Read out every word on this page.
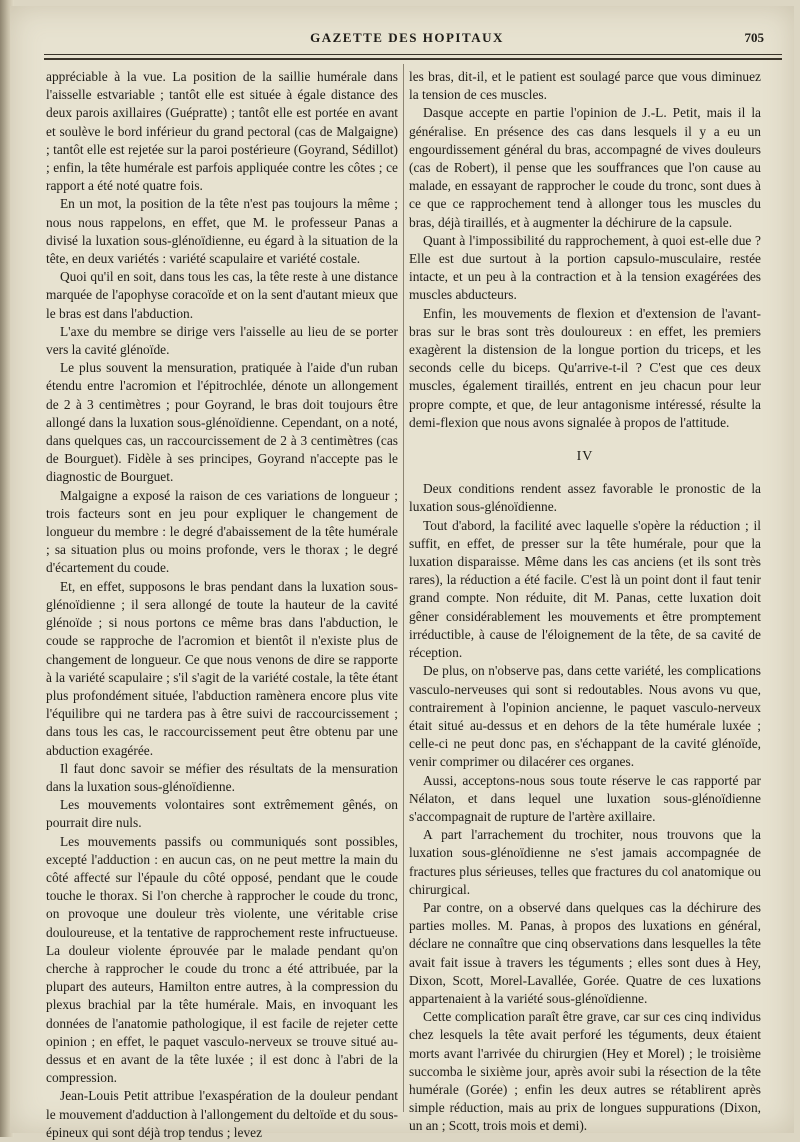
GAZETTE DES HOPITAUX	705

appréciable à la vue. La position de la saillie humérale dans l'aisselle estvariable ; tantôt elle est située à égale distance des deux parois axillaires (Guépratte) ; tantôt elle est portée en avant et soulève le bord inférieur du grand pectoral (cas de Malgaigne) ; tantôt elle est rejetée sur la paroi postérieure (Goyrand, Sédillot) ; enfin, la tête humérale est parfois appliquée contre les côtes ; ce rapport a été noté quatre fois.

En un mot, la position de la tête n'est pas toujours la même ; nous nous rappelons, en effet, que M. le professeur Panas a divisé la luxation sous-glénoïdienne, eu égard à la situation de la tête, en deux variétés : variété scapulaire et variété costale.

Quoi qu'il en soit, dans tous les cas, la tête reste à une distance marquée de l'apophyse coracoïde et on la sent d'autant mieux que le bras est dans l'abduction.

L'axe du membre se dirige vers l'aisselle au lieu de se porter vers la cavité glénoïde.

Le plus souvent la mensuration, pratiquée à l'aide d'un ruban étendu entre l'acromion et l'épitrochlée, dénote un allongement de 2 à 3 centimètres ; pour Goyrand, le bras doit toujours être allongé dans la luxation sous-glénoïdienne. Cependant, on a noté, dans quelques cas, un raccourcissement de 2 à 3 centimètres (cas de Bourguet). Fidèle à ses principes, Goyrand n'accepte pas le diagnostic de Bourguet.

Malgaigne a exposé la raison de ces variations de longueur ; trois facteurs sont en jeu pour expliquer le changement de longueur du membre : le degré d'abaissement de la tête humérale ; sa situation plus ou moins profonde, vers le thorax ; le degré d'écartement du coude.

Et, en effet, supposons le bras pendant dans la luxation sous-glénoïdienne ; il sera allongé de toute la hauteur de la cavité glénoïde ; si nous portons ce même bras dans l'abduction, le coude se rapproche de l'acromion et bientôt il n'existe plus de changement de longueur. Ce que nous venons de dire se rapporte à la variété scapulaire ; s'il s'agit de la variété costale, la tête étant plus profondément située, l'abduction ramènera encore plus vite l'équilibre qui ne tardera pas à être suivi de raccourcissement ; dans tous les cas, le raccourcissement peut être obtenu par une abduction exagérée.

Il faut donc savoir se méfier des résultats de la mensuration dans la luxation sous-glénoïdienne.

Les mouvements volontaires sont extrêmement gênés, on pourrait dire nuls.

Les mouvements passifs ou communiqués sont possibles, excepté l'adduction : en aucun cas, on ne peut mettre la main du côté affecté sur l'épaule du côté opposé, pendant que le coude touche le thorax. Si l'on cherche à rapprocher le coude du tronc, on provoque une douleur très violente, une véritable crise douloureuse, et la tentative de rapprochement reste infructueuse. La douleur violente éprouvée par le malade pendant qu'on cherche à rapprocher le coude du tronc a été attribuée, par la plupart des auteurs, Hamilton entre autres, à la compression du plexus brachial par la tête humérale. Mais, en invoquant les données de l'anatomie pathologique, il est facile de rejeter cette opinion ; en effet, le paquet vasculo-nerveux se trouve situé au-dessus et en avant de la tête luxée ; il est donc à l'abri de la compression.

Jean-Louis Petit attribue l'exaspération de la douleur pendant le mouvement d'adduction à l'allongement du deltoïde et du sous-épineux qui sont déjà trop tendus ; levez

les bras, dit-il, et le patient est soulagé parce que vous diminuez la tension de ces muscles.

Dasque accepte en partie l'opinion de J.-L. Petit, mais il la généralise. En présence des cas dans lesquels il y a eu un engourdissement général du bras, accompagné de vives douleurs (cas de Robert), il pense que les souffrances que l'on cause au malade, en essayant de rapprocher le coude du tronc, sont dues à ce que ce rapprochement tend à allonger tous les muscles du bras, déjà tiraillés, et à augmenter la déchirure de la capsule.

Quant à l'impossibilité du rapprochement, à quoi est-elle due ? Elle est due surtout à la portion capsulo-musculaire, restée intacte, et un peu à la contraction et à la tension exagérées des muscles abducteurs.

Enfin, les mouvements de flexion et d'extension de l'avant-bras sur le bras sont très douloureux : en effet, les premiers exagèrent la distension de la longue portion du triceps, et les seconds celle du biceps. Qu'arrive-t-il ? C'est que ces deux muscles, également tiraillés, entrent en jeu chacun pour leur propre compte, et que, de leur antagonisme intéressé, résulte la demi-flexion que nous avons signalée à propos de l'attitude.

IV

Deux conditions rendent assez favorable le pronostic de la luxation sous-glénoïdienne.

Tout d'abord, la facilité avec laquelle s'opère la réduction ; il suffit, en effet, de presser sur la tête humérale, pour que la luxation disparaisse. Même dans les cas anciens (et ils sont très rares), la réduction a été facile. C'est là un point dont il faut tenir grand compte. Non réduite, dit M. Panas, cette luxation doit gêner considérablement les mouvements et être promptement irréductible, à cause de l'éloignement de la tête, de sa cavité de réception.

De plus, on n'observe pas, dans cette variété, les complications vasculo-nerveuses qui sont si redoutables. Nous avons vu que, contrairement à l'opinion ancienne, le paquet vasculo-nerveux était situé au-dessus et en dehors de la tête humérale luxée ; celle-ci ne peut donc pas, en s'échappant de la cavité glénoïde, venir comprimer ou dilacérer ces organes.

Aussi, acceptons-nous sous toute réserve le cas rapporté par Nélaton, et dans lequel une luxation sous-glénoïdienne s'accompagnait de rupture de l'artère axillaire.

A part l'arrachement du trochiter, nous trouvons que la luxation sous-glénoïdienne ne s'est jamais accompagnée de fractures plus sérieuses, telles que fractures du col anatomique ou chirurgical.

Par contre, on a observé dans quelques cas la déchirure des parties molles. M. Panas, à propos des luxations en général, déclare ne connaître que cinq observations dans lesquelles la tête avait fait issue à travers les téguments ; elles sont dues à Hey, Dixon, Scott, Morel-Lavallée, Gorée. Quatre de ces luxations appartenaient à la variété sous-glénoïdienne.

Cette complication paraît être grave, car sur ces cinq individus chez lesquels la tête avait perforé les téguments, deux étaient morts avant l'arrivée du chirurgien (Hey et Morel) ; le troisième succomba le sixième jour, après avoir subi la résection de la tête humérale (Gorée) ; enfin les deux autres se rétablirent après simple réduction, mais au prix de longues suppurations (Dixon, un an ; Scott, trois mois et demi).
